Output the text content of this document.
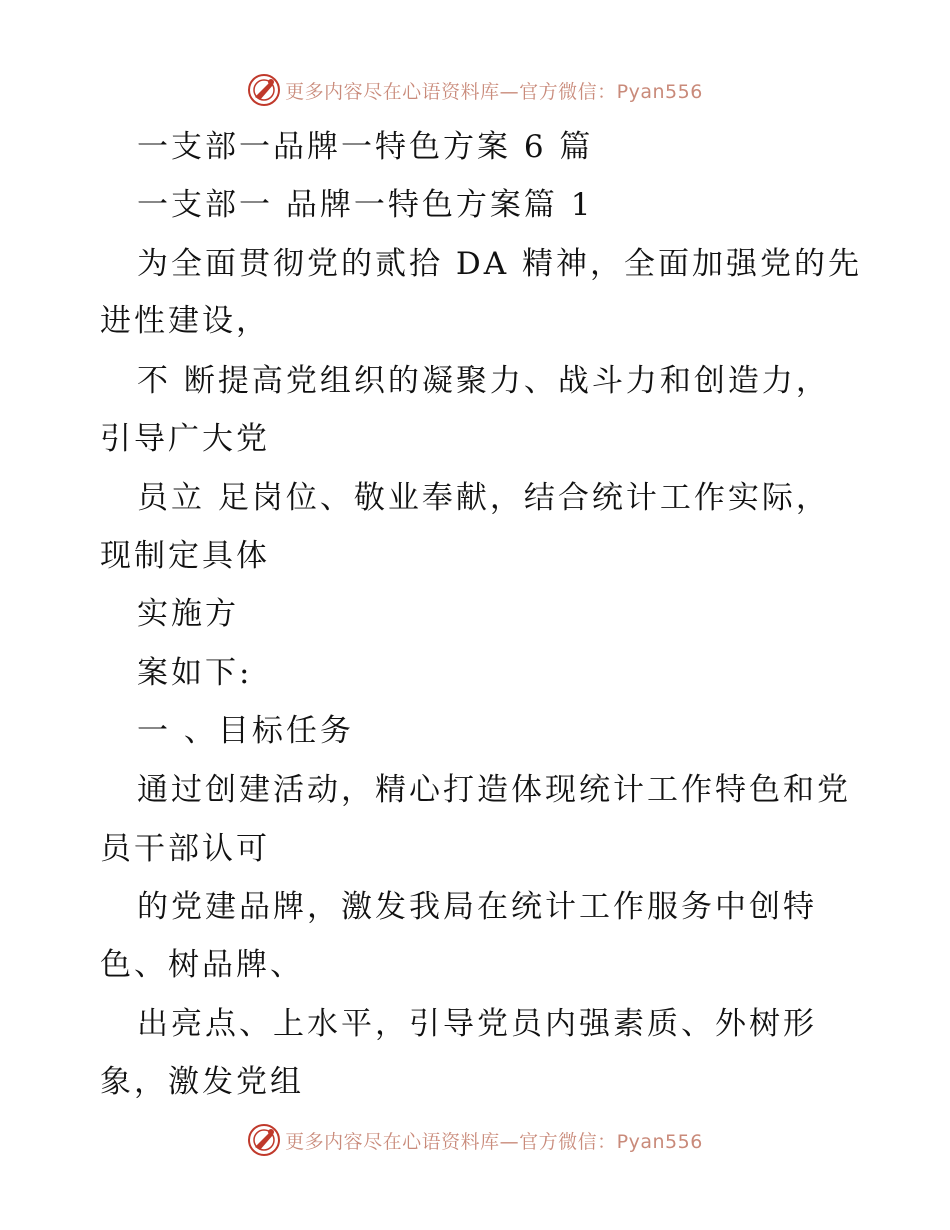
更多内容尽在心语资料库—官方微信：Pyan556
一支部一品牌一特色方案 6 篇
一支部一 品牌一特色方案篇 1
为全面贯彻党的贰拾 DA 精神，全面加强党的先
进性建设，
不 断提高党组织的凝聚力、战斗力和创造力，
引导广大党
员立 足岗位、敬业奉献，结合统计工作实际，
现制定具体
实施方
案如下:
一 、目标任务
通过创建活动，精心打造体现统计工作特色和党
员干部认可
的党建品牌，激发我局在统计工作服务中创特
色、树品牌、
出亮点、上水平，引导党员内强素质、外树形
象，激发党组
更多内容尽在心语资料库—官方微信：Pyan556
